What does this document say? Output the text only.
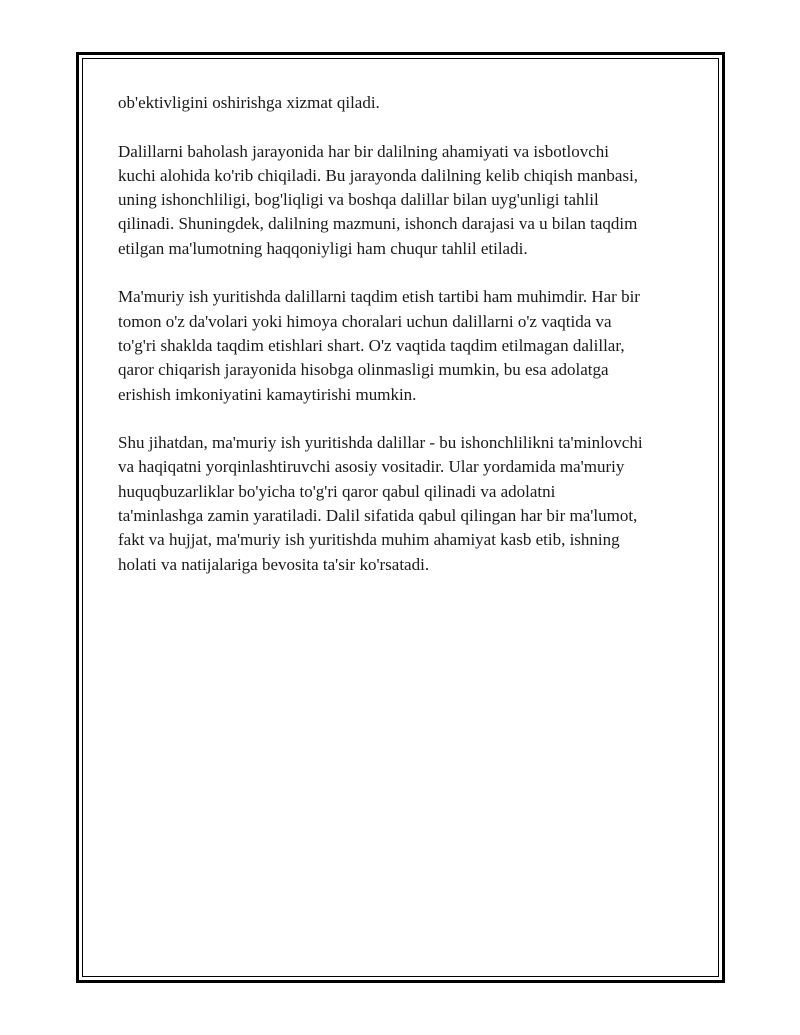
ob'ektivligini oshirishga xizmat qiladi.

Dalillarni baholash jarayonida har bir dalilning ahamiyati va isbotlovchi
kuchi alohida ko'rib chiqiladi. Bu jarayonda dalilning kelib chiqish manbasi,
uning ishonchliligi, bog'liqligi va boshqa dalillar bilan uyg'unligi tahlil
qilinadi. Shuningdek, dalilning mazmuni, ishonch darajasi va u bilan taqdim
etilgan ma'lumotning haqqoniyligi ham chuqur tahlil etiladi.

Ma'muriy ish yuritishda dalillarni taqdim etish tartibi ham muhimdir. Har bir
tomon o'z da'volari yoki himoya choralari uchun dalillarni o'z vaqtida va
to'g'ri shaklda taqdim etishlari shart. O'z vaqtida taqdim etilmagan dalillar,
qaror chiqarish jarayonida hisobga olinmasligi mumkin, bu esa adolatga
erishish imkoniyatini kamaytirishi mumkin.

Shu jihatdan, ma'muriy ish yuritishda dalillar - bu ishonchlilikni ta'minlovchi
va haqiqatni yorqinlashtiruvchi asosiy vositadir. Ular yordamida ma'muriy
huquqbuzarliklar bo'yicha to'g'ri qaror qabul qilinadi va adolatni
ta'minlashga zamin yaratiladi. Dalil sifatida qabul qilingan har bir ma'lumot,
fakt va hujjat, ma'muriy ish yuritishda muhim ahamiyat kasb etib, ishning
holati va natijalariga bevosita ta'sir ko'rsatadi.
